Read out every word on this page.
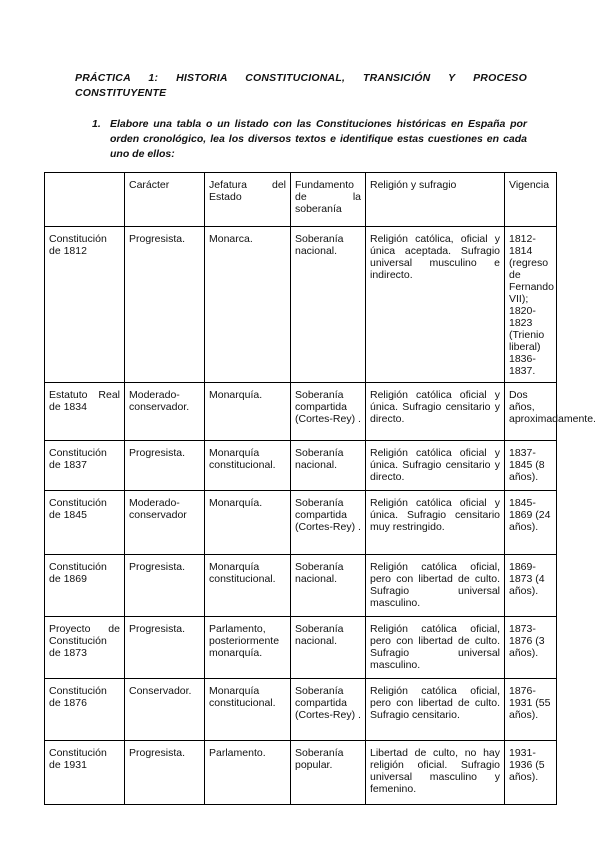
PRÁCTICA 1: HISTORIA CONSTITUCIONAL, TRANSICIÓN Y PROCESO CONSTITUYENTE
1. Elabore una tabla o un listado con las Constituciones históricas en España por orden cronológico, lea los diversos textos e identifique estas cuestiones en cada uno de ellos:

	Carácter	Jefatura del Estado	Fundamento de la soberanía	Religión y sufragio	Vigencia
Constitución de 1812	Progresista.	Monarca.	Soberanía nacional.	Religión católica, oficial y única aceptada. Sufragio universal musculino e indirecto.	1812-1814 (regreso de Fernando VII); 1820-1823 (Trienio liberal) 1836-1837.
Estatuto Real de 1834	Moderado-conservador.	Monarquía.	Soberanía compartida (Cortes-Rey) .	Religión católica oficial y única. Sufragio censitario y directo.	Dos años, aproximadamente.
Constitución de 1837	Progresista.	Monarquía constitucional.	Soberanía nacional.	Religión católica oficial y única. Sufragio censitario y directo.	1837-1845 (8 años).
Constitución de 1845	Moderado-conservador	Monarquía.	Soberanía compartida (Cortes-Rey) .	Religión católica oficial y única. Sufragio censitario muy restringido.	1845-1869 (24 años).
Constitución de 1869	Progresista.	Monarquía constitucional.	Soberanía nacional.	Religión católica oficial, pero con libertad de culto. Sufragio universal masculino.	1869-1873 (4 años).
Proyecto de Constitución de 1873	Progresista.	Parlamento, posteriormente monarquía.	Soberanía nacional.	Religión católica oficial, pero con libertad de culto. Sufragio universal masculino.	1873-1876 (3 años).
Constitución de 1876	Conservador.	Monarquía constitucional.	Soberanía compartida (Cortes-Rey) .	Religión católica oficial, pero con libertad de culto. Sufragio censitario.	1876-1931 (55 años).
Constitución de 1931	Progresista.	Parlamento.	Soberanía popular.	Libertad de culto, no hay religión oficial. Sufragio universal masculino y femenino.	1931-1936 (5 años).
